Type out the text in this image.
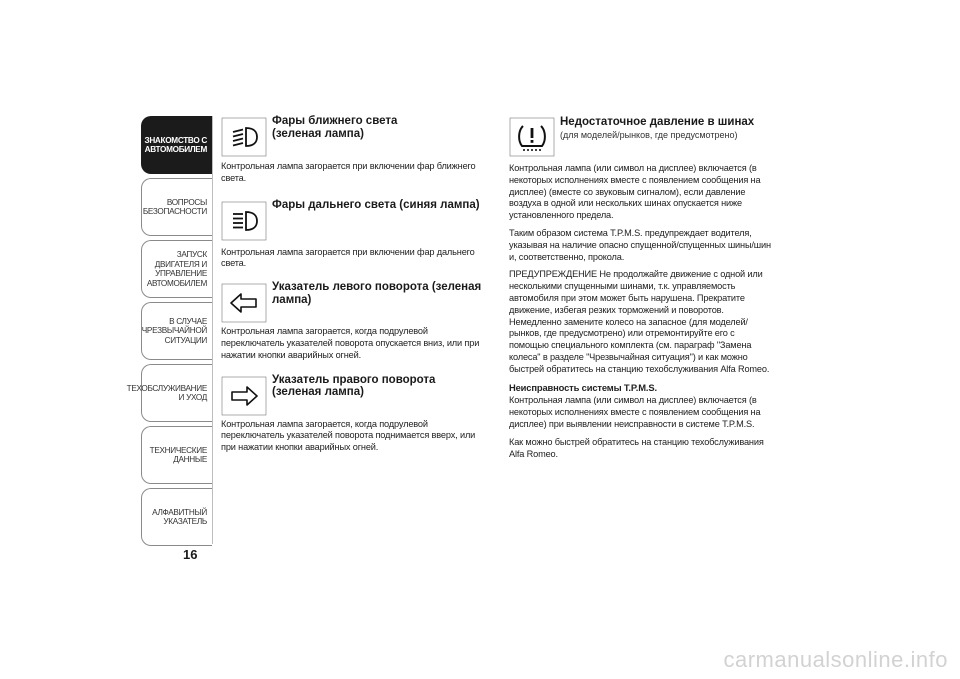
ЗНАКОМСТВО С
АВТОМОБИЛЕМ
ВОПРОСЫ
БЕЗОПАСНОСТИ
ЗАПУСК ДВИГАТЕЛЯ И
УПРАВЛЕНИЕ
АВТОМОБИЛЕМ
В СЛУЧАЕ
ЧРЕЗВЫЧАЙНОЙ
СИТУАЦИИ
ТЕХОБСЛУЖИВАНИЕ
И УХОД
ТЕХНИЧЕСКИЕ
ДАННЫЕ
АЛФАВИТНЫЙ
УКАЗАТЕЛЬ
16
Фары ближнего света
(зеленая лампа)

Контрольная лампа загорается при включении фар ближнего света.

Фары дальнего света (синяя лампа)

Контрольная лампа загорается при включении фар дальнего света.

Указатель левого поворота (зеленая
лампа)

Контрольная лампа загорается, когда подрулевой переключатель указателей поворота опускается вниз, или при нажатии кнопки аварийных огней.

Указатель правого поворота
(зеленая лампа)

Контрольная лампа загорается, когда подрулевой переключатель указателей поворота поднимается вверх, или при нажатии кнопки аварийных огней.

Недостаточное давление в шинах
(для моделей/рынков, где предусмотрено)

Контрольная лампа (или символ на дисплее) включается (в некоторых исполнениях вместе с появлением сообщения на дисплее) (вместе со звуковым сигналом), если давление воздуха в одной или нескольких шинах опускается ниже установленного предела.

Таким образом система T.P.M.S. предупреждает водителя, указывая на наличие опасно спущенной/спущенных шины/шин и, соответственно, прокола.

ПРЕДУПРЕЖДЕНИЕ Не продолжайте движение с одной или несколькими спущенными шинами, т.к. управляемость автомобиля при этом может быть нарушена. Прекратите движение, избегая резких торможений и поворотов. Немедленно замените колесо на запасное (для моделей/рынков, где предусмотрено) или отремонтируйте его с помощью специального комплекта (см. параграф "Замена колеса" в разделе "Чрезвычайная ситуация") и как можно быстрей обратитесь на станцию техобслуживания Alfa Romeo.

Неисправность системы T.P.M.S.

Контрольная лампа (или символ на дисплее) включается (в некоторых исполнениях вместе с появлением сообщения на дисплее) при выявлении неисправности в системе T.P.M.S.

Как можно быстрей обратитесь на станцию техобслуживания Alfa Romeo.

carmanualsonline.info
